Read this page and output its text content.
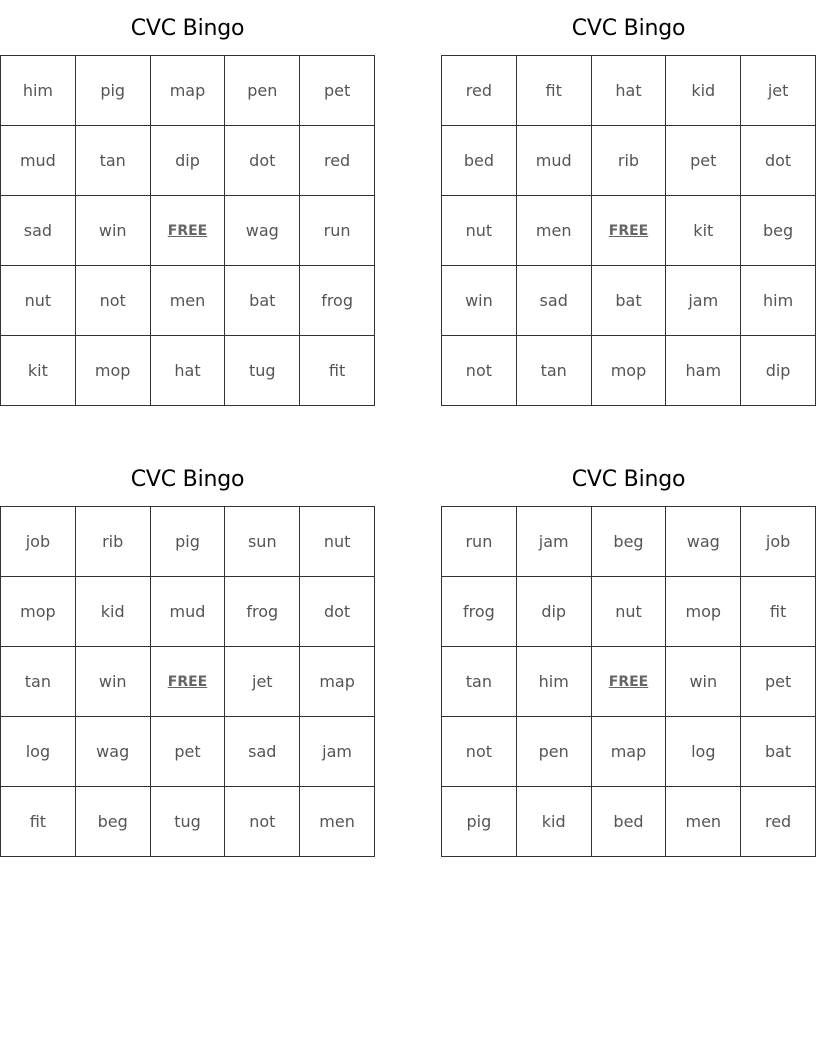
CVC Bingo
him	pig	map	pen	pet
mud	tan	dip	dot	red
sad	win	FREE	wag	run
nut	not	men	bat	frog
kit	mop	hat	tug	fit
CVC Bingo
red	fit	hat	kid	jet
bed	mud	rib	pet	dot
nut	men	FREE	kit	beg
win	sad	bat	jam	him
not	tan	mop	ham	dip
CVC Bingo
job	rib	pig	sun	nut
mop	kid	mud	frog	dot
tan	win	FREE	jet	map
log	wag	pet	sad	jam
fit	beg	tug	not	men
CVC Bingo
run	jam	beg	wag	job
frog	dip	nut	mop	fit
tan	him	FREE	win	pet
not	pen	map	log	bat
pig	kid	bed	men	red
